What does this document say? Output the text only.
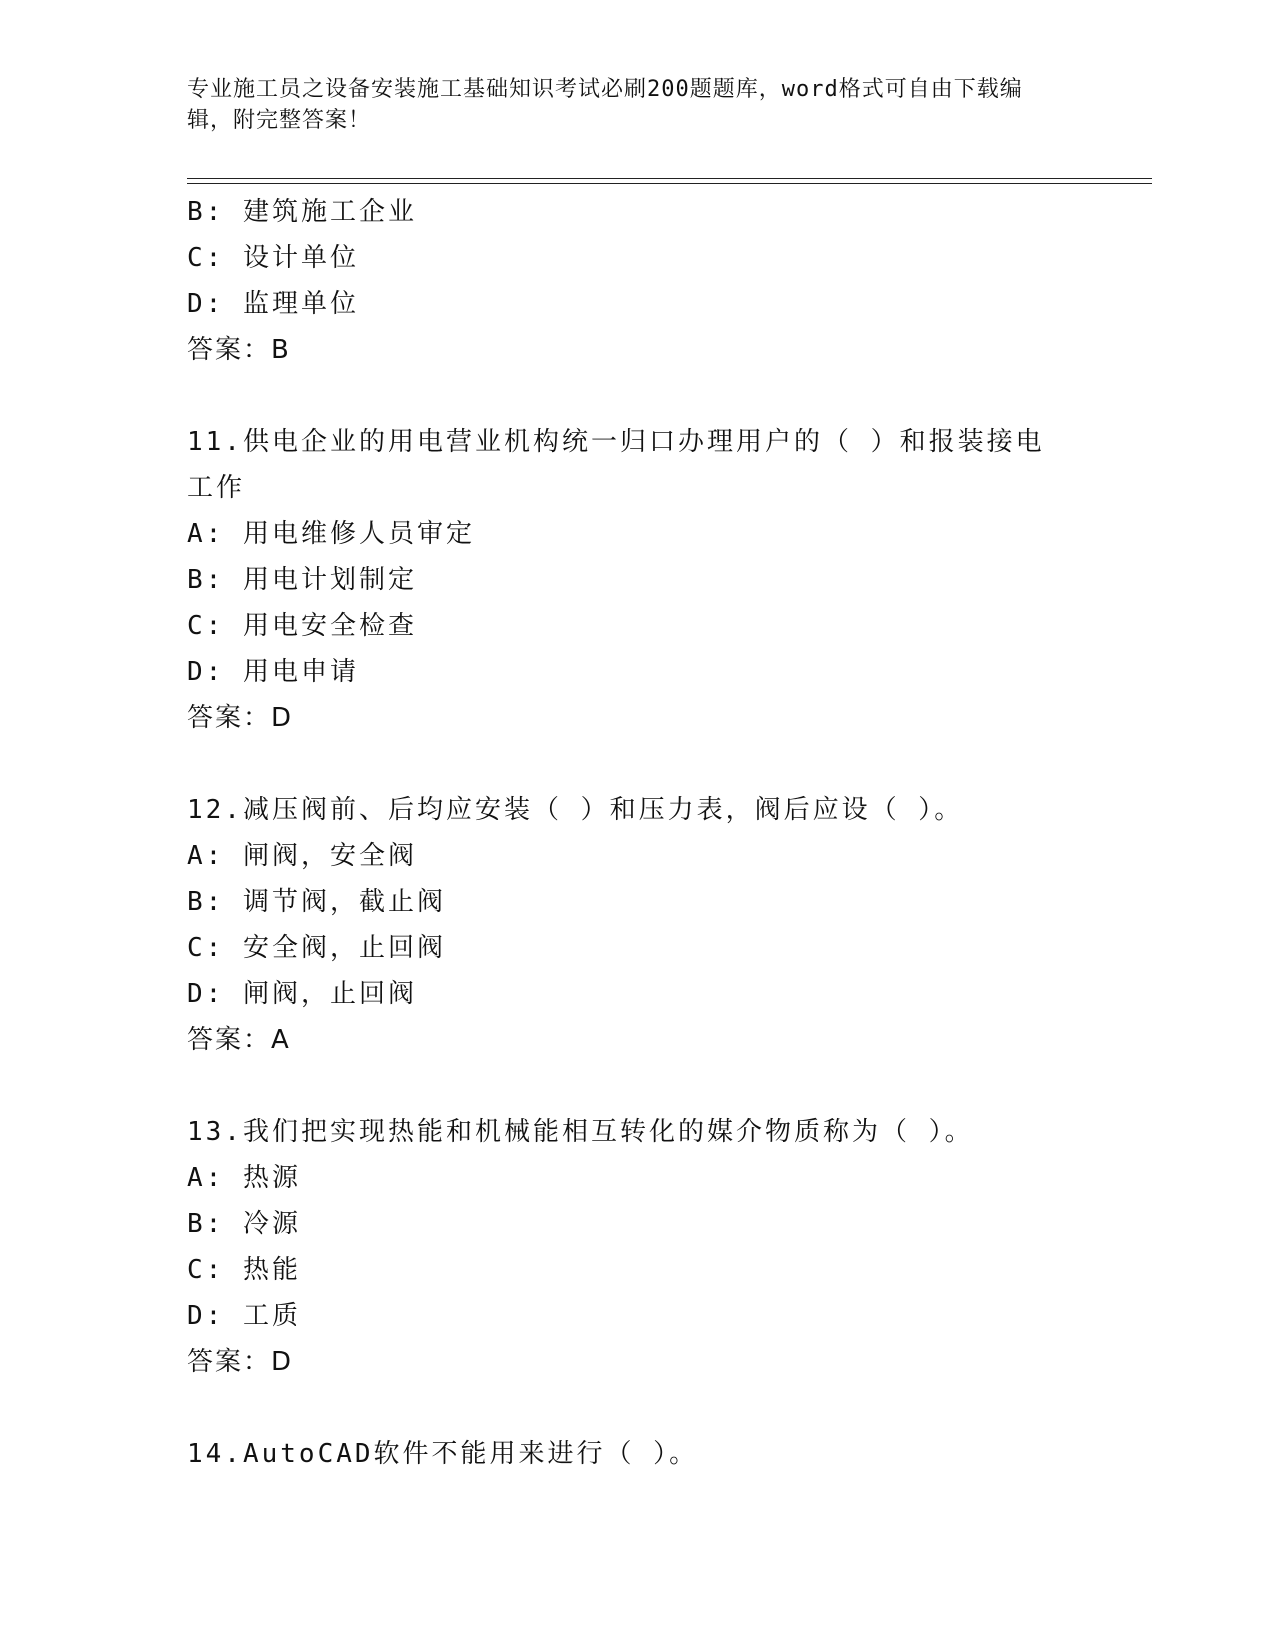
专业施工员之设备安装施工基础知识考试必刷200题题库，word格式可自由下载编辑，附完整答案！
B: 建筑施工企业
C: 设计单位
D: 监理单位
答案：B
11.供电企业的用电营业机构统一归口办理用户的（ ）和报装接电工作
A: 用电维修人员审定
B: 用电计划制定
C: 用电安全检查
D: 用电申请
答案：D
12.减压阀前、后均应安装（ ）和压力表，阀后应设（ ）。
A: 闸阀，安全阀
B: 调节阀，截止阀
C: 安全阀，止回阀
D: 闸阀，止回阀
答案：A
13.我们把实现热能和机械能相互转化的媒介物质称为（ ）。
A: 热源
B: 冷源
C: 热能
D: 工质
答案：D
14.AutoCAD软件不能用来进行（ ）。
